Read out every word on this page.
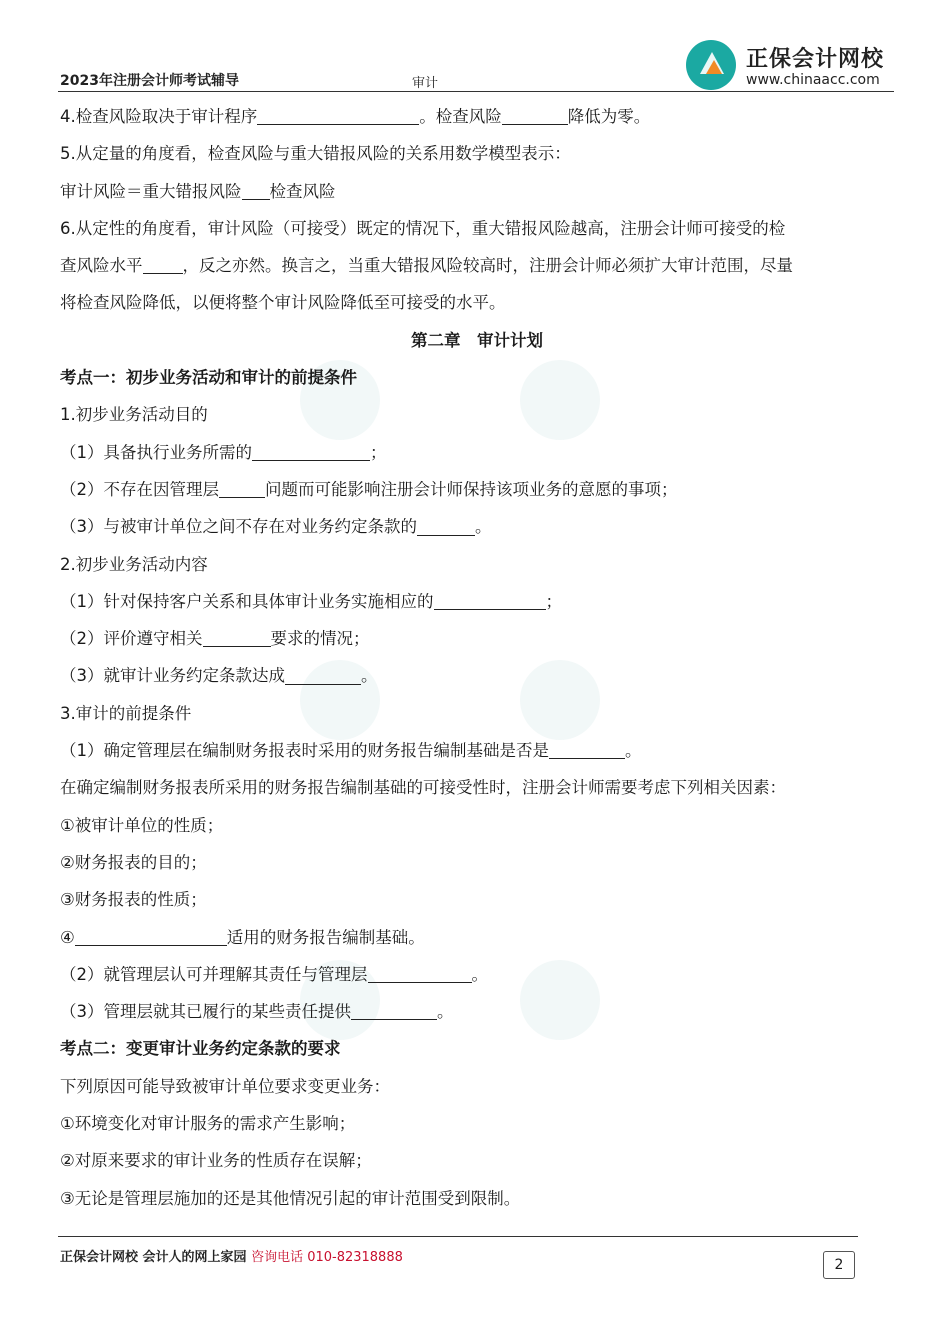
2023年注册会计师考试辅导	审计
正保会计网校
www.chinaacc.com
4.检查风险取决于审计程序	。检查风险	降低为零。
5.从定量的角度看，检查风险与重大错报风险的关系用数学模型表示：
审计风险＝重大错报风险 检查风险
6.从定性的角度看，审计风险（可接受）既定的情况下，重大错报风险越高，注册会计师可接受的检
查风险水平 ，反之亦然。换言之，当重大错报风险较高时，注册会计师必须扩大审计范围，尽量
将检查风险降低，以便将整个审计风险降低至可接受的水平。
第二章　审计计划
考点一：初步业务活动和审计的前提条件
1.初步业务活动目的
（1）具备执行业务所需的	；
（2）不存在因管理层	问题而可能影响注册会计师保持该项业务的意愿的事项；
（3）与被审计单位之间不存在对业务约定条款的	。
2.初步业务活动内容
（1）针对保持客户关系和具体审计业务实施相应的	；
（2）评价遵守相关	要求的情况；
（3）就审计业务约定条款达成	。
3.审计的前提条件
（1）确定管理层在编制财务报表时采用的财务报告编制基础是否是	。
在确定编制财务报表所采用的财务报告编制基础的可接受性时，注册会计师需要考虑下列相关因素：
①被审计单位的性质；
②财务报表的目的；
③财务报表的性质；
④	适用的财务报告编制基础。
（2）就管理层认可并理解其责任与管理层	。
（3）管理层就其已履行的某些责任提供	。
考点二：变更审计业务约定条款的要求
下列原因可能导致被审计单位要求变更业务：
①环境变化对审计服务的需求产生影响；
②对原来要求的审计业务的性质存在误解；
③无论是管理层施加的还是其他情况引起的审计范围受到限制。
正保会计网校 会计人的网上家园 咨询电话 010-82318888	2
